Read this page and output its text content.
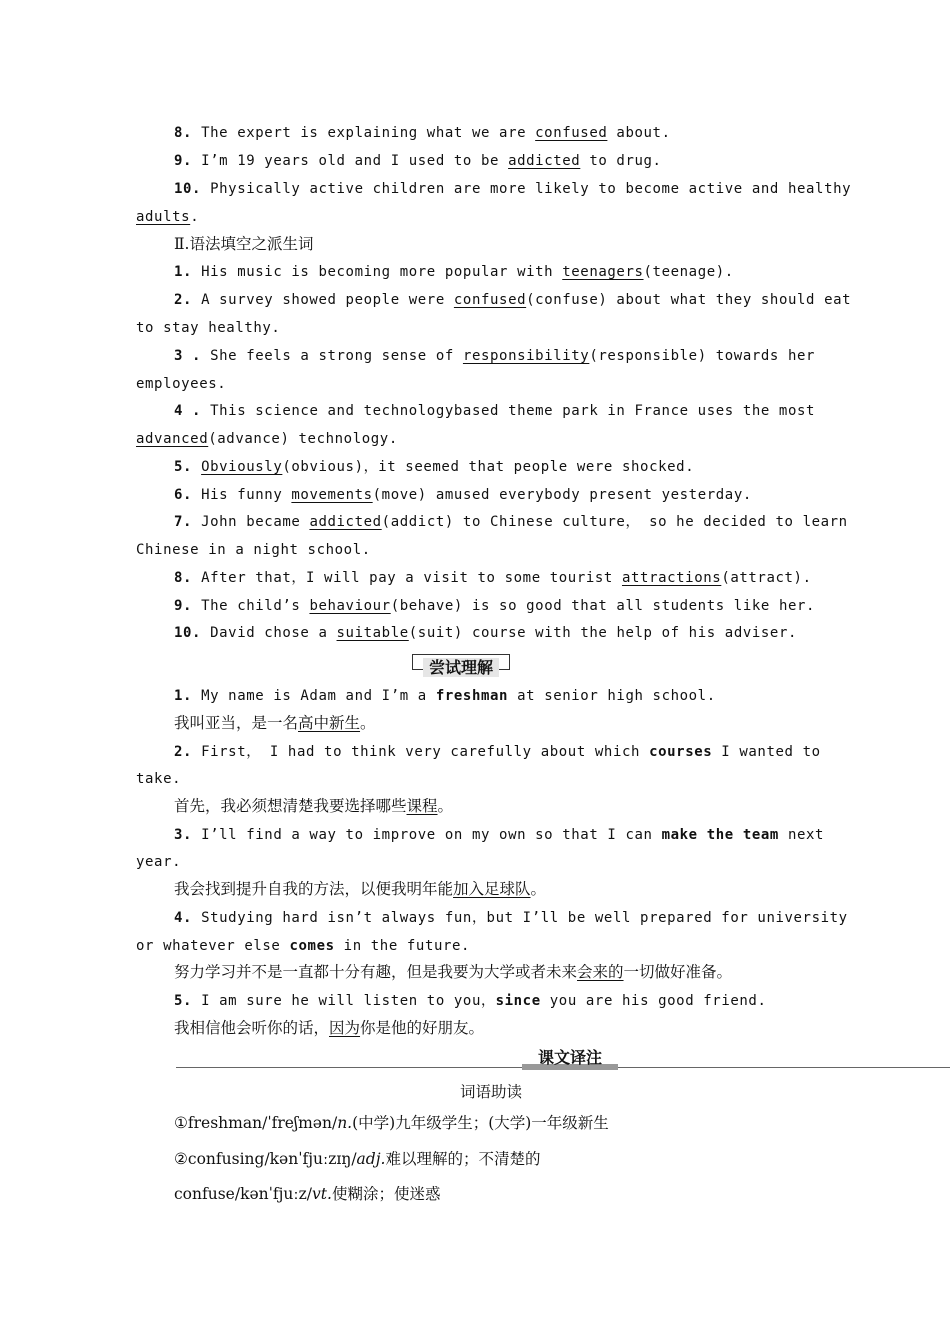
8. The expert is explaining what we are confused about.
9. I’m 19 years old and I used to be addicted to drug.
10. Physically active children are more likely to become active and healthy
adults.
Ⅱ.语法填空之派生词
1. His music is becoming more popular with teenagers(teenage).
2. A survey showed people were confused(confuse) about what they should eat
to stay healthy.
3 . She feels a strong sense of responsibility(responsible) towards her
employees.
4 . This science and technologybased theme park in France uses the most
advanced(advance) technology.
5. Obviously(obvious)，it seemed that people were shocked.
6. His funny movements(move) amused everybody present yesterday.
7. John became addicted(addict) to Chinese culture， so he decided to learn
Chinese in a night school.
8. After that，I will pay a visit to some tourist attractions(attract).
9. The child’s behaviour(behave) is so good that all students like her.
10. David chose a suitable(suit) course with the help of his adviser.
尝试理解
1. My name is Adam and I’m a freshman at senior high school.
我叫亚当，是一名高中新生。
2. First， I had to think very carefully about which courses I wanted to
take.
首先，我必须想清楚我要选择哪些课程。
3. I’ll find a way to improve on my own so that I can make the team next
year.
我会找到提升自我的方法，以便我明年能加入足球队。
4. Studying hard isn’t always fun，but I’ll be well prepared for university
or whatever else comes in the future.
努力学习并不是一直都十分有趣，但是我要为大学或者未来会来的一切做好准备。
5. I am sure he will listen to you，since you are his good friend.
我相信他会听你的话，因为你是他的好朋友。
课文译注
词语助读
①freshman/ˈfreʃmən/n.(中学)九年级学生；(大学)一年级新生
②confusing/kənˈfjuːzɪŋ/adj.难以理解的；不清楚的
confuse/kənˈfjuːz/vt.使糊涂；使迷惑
